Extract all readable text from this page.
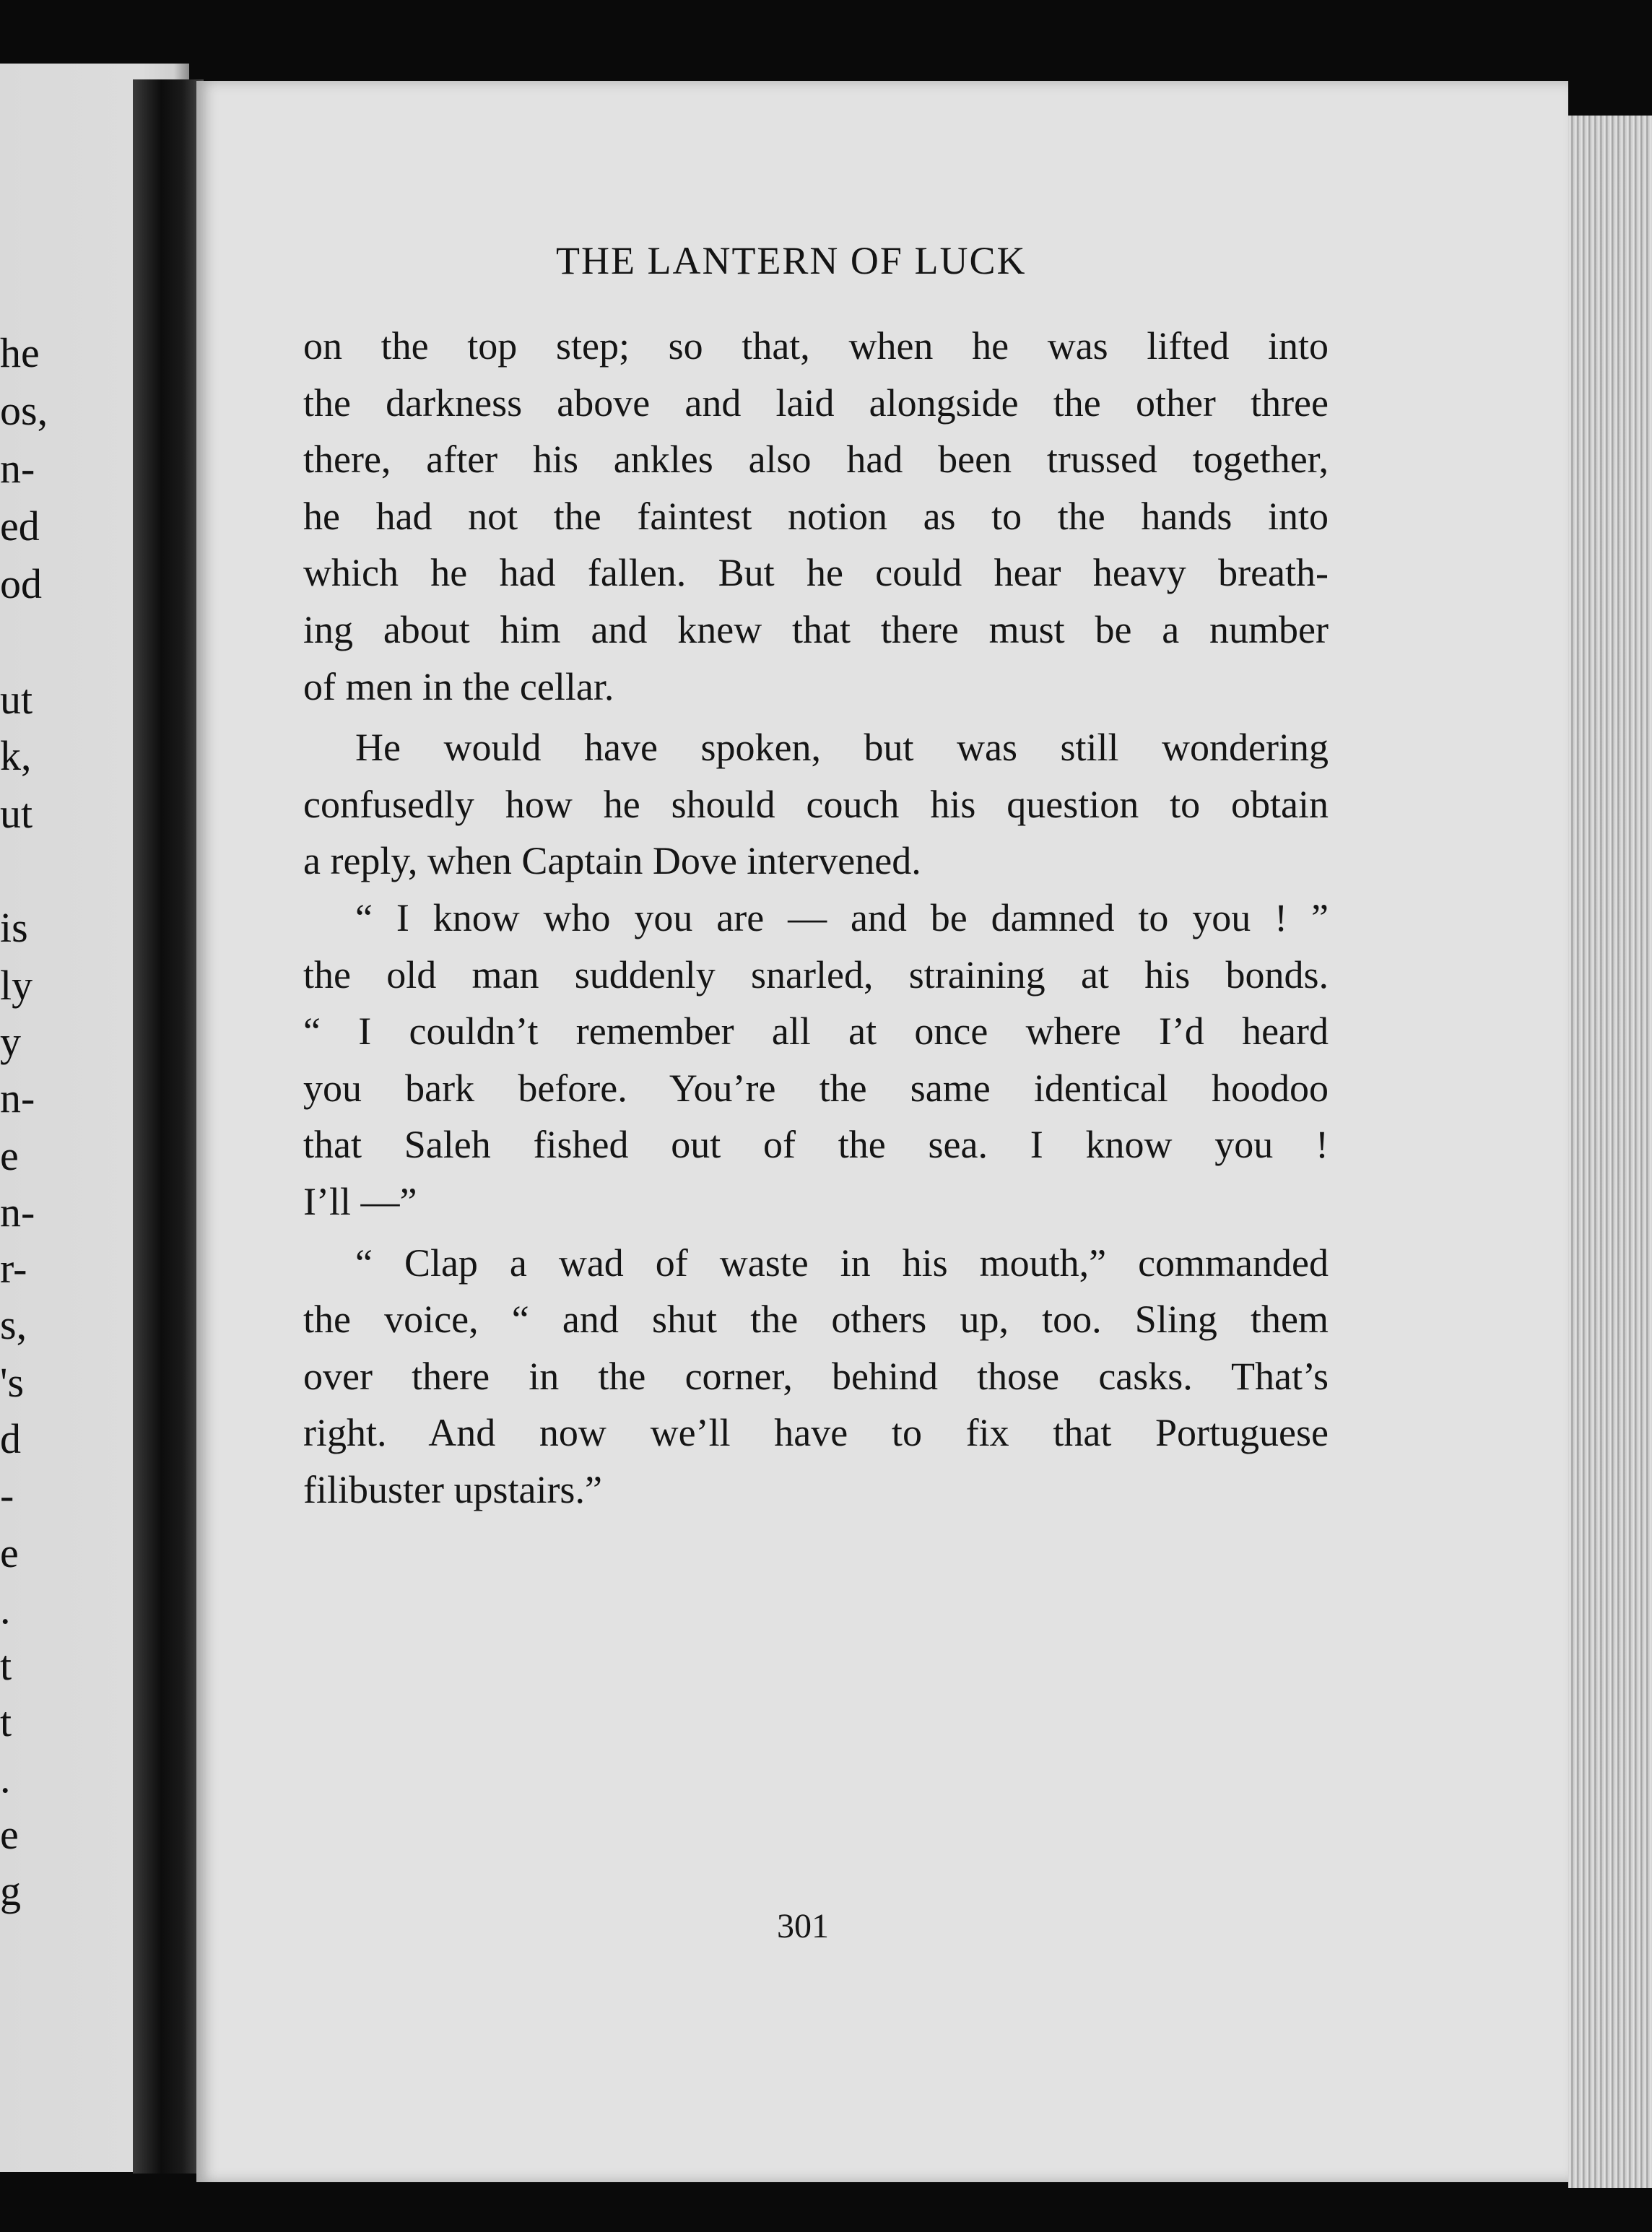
he
os,
n-
ed
od
ut
k,
ut
is
ly
y
n-
e
n-
r-
s,
's
d
-
e
.
t
t
.
e
g
THE LANTERN OF LUCK
on the top step; so that, when he was lifted into
the darkness above and laid alongside the other three
there, after his ankles also had been trussed together,
he had not the faintest notion as to the hands into
which he had fallen. But he could hear heavy breath-
ing about him and knew that there must be a number
of men in the cellar.
He would have spoken, but was still wondering
confusedly how he should couch his question to obtain
a reply, when Captain Dove intervened.
“ I know who you are — and be damned to you ! ”
the old man suddenly snarled, straining at his bonds.
“ I couldn’t remember all at once where I’d heard
you bark before. You’re the same identical hoodoo
that Saleh fished out of the sea. I know you !
I’ll —”
“ Clap a wad of waste in his mouth,” commanded
the voice, “ and shut the others up, too. Sling them
over there in the corner, behind those casks. That’s
right. And now we’ll have to fix that Portuguese
filibuster upstairs.”
301
